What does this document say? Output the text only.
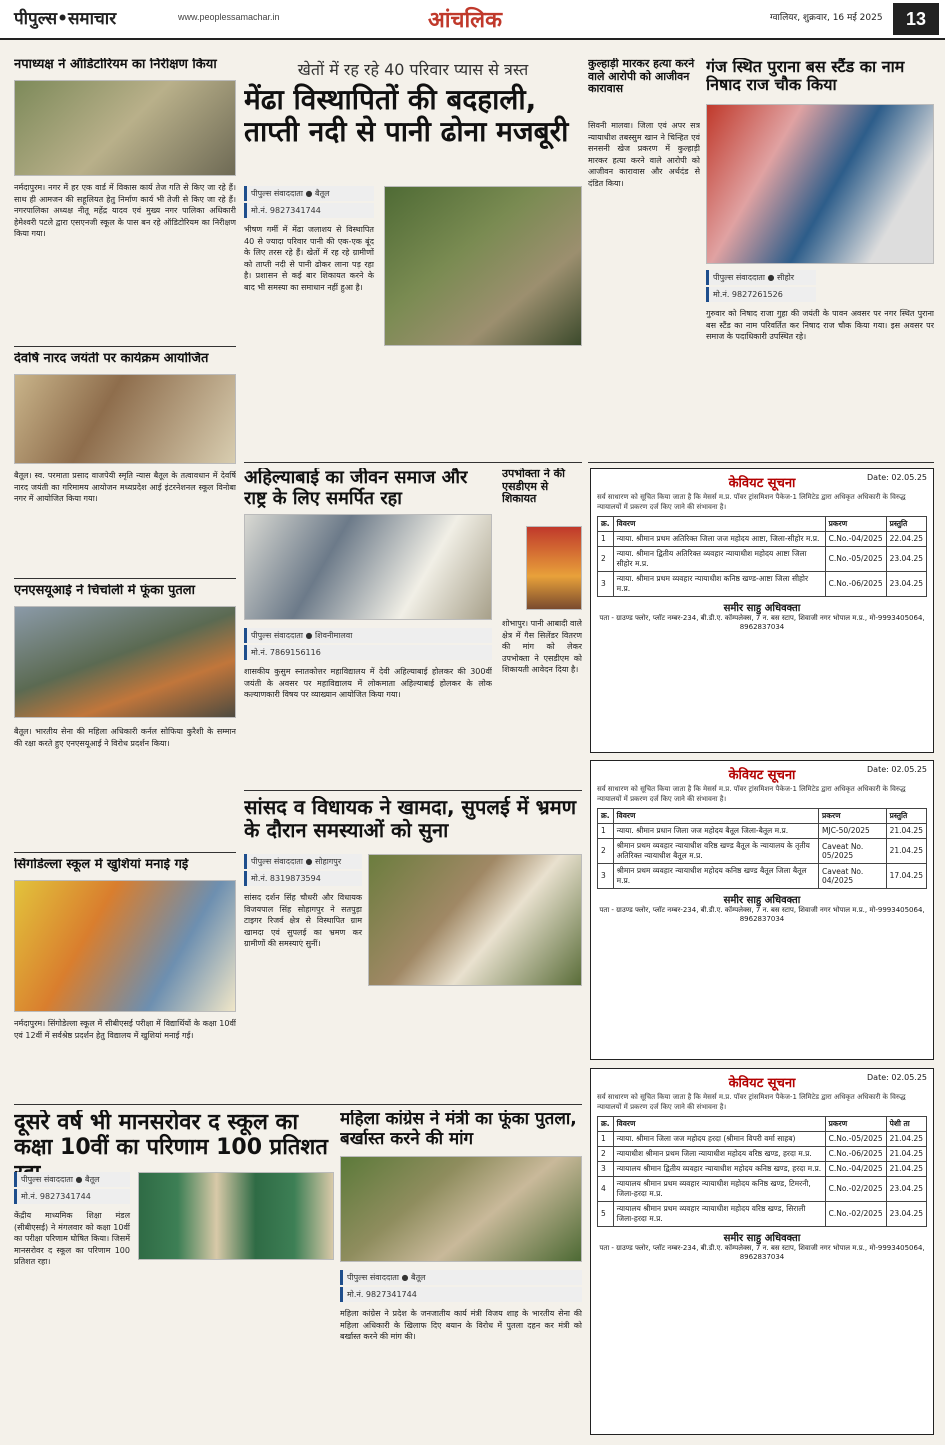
पीपुल्स•समाचार	www.peoplessamachar.in	आंचलिक	ग्वालियर, शुक्रवार, 16 मई 2025	13
नपाध्यक्ष ने ऑडिटोरियम का निरीक्षण किया
नर्मदापुरम। नगर में हर एक वार्ड में विकास कार्य तेज गति से किए जा रहे हैं। साथ ही आमजन की सहूलियत हेतु निर्माण कार्य भी तेजी से किए जा रहे हैं। नगरपालिका अध्यक्ष नीतू महेंद्र यादव एवं मुख्य नगर पालिका अधिकारी हेमेश्वरी पटले द्वारा एसएनजी स्कूल के पास बन रहे ऑडिटोरियम का निरीक्षण किया गया।
देवर्षि नारद जयंती पर कार्यक्रम आयोजित
बैतूल। स्व. परमाता प्रसाद वाजपेयी स्मृति न्यास बैतूल के तत्वावधान में देवर्षि नारद जयंती का गरिमामय आयोजन मध्यप्रदेश आई इंटरनेशनल स्कूल विनोबा नगर में आयोजित किया गया।
एनएसयूआई ने चिचोली में फूंका पुतला
बैतूल। भारतीय सेना की महिला अधिकारी कर्नल सोफिया कुरैशी के सम्मान की रक्षा करते हुए एनएसयूआई ने विरोध प्रदर्शन किया।
सिंगोडेल्ला स्कूल में खुशियां मनाई गई
नर्मदापुरम। सिंगोडेल्ला स्कूल में सीबीएसई परीक्षा में विद्यार्थियों के कक्षा 10वीं एवं 12वीं में सर्वश्रेष्ठ प्रदर्शन हेतु विद्यालय में खुशियां मनाई गई।
खेतों में रह रहे 40 परिवार प्यास से त्रस्त
मेंढा विस्थापितों की बदहाली, ताप्ती नदी से पानी ढोना मजबूरी
पीपुल्स संवाददाता ● बैतूल
मो.नं. 9827341744
भीषण गर्मी में मेंढा जलाशय से विस्थापित 40 से ज्यादा परिवार पानी की एक-एक बूंद के लिए तरस रहे हैं। खेतों में रह रहे ग्रामीणों को ताप्ती नदी से पानी ढोकर लाना पड़ रहा है। प्रशासन से कई बार शिकायत करने के बाद भी समस्या का समाधान नहीं हुआ है।
अहिल्याबाई का जीवन समाज और राष्ट्र के लिए समर्पित रहा
पीपुल्स संवाददाता ● शिवनीमालवा
मो.नं. 7869156116
शासकीय कुसुम स्नातकोत्तर महाविद्यालय में देवी अहिल्याबाई होलकर की 300वीं जयंती के अवसर पर महाविद्यालय में लोकमाता अहिल्याबाई होलकर के लोक कल्याणकारी विषय पर व्याख्यान आयोजित किया गया।
उपभोक्ता ने की एसडीएम से शिकायत
शोभापुर। पानी आबादी वाले क्षेत्र में गैस सिलेंडर वितरण की मांग को लेकर उपभोक्ता ने एसडीएम को शिकायती आवेदन दिया है।
सांसद व विधायक ने खामदा, सुपलई में भ्रमण के दौरान समस्याओं को सुना
पीपुल्स संवाददाता ● सोहागपुर
मो.नं. 8319873594
सांसद दर्शन सिंह चौधरी और विधायक विजयपाल सिंह सोहागपुर ने सतपुड़ा टाइगर रिजर्व क्षेत्र से विस्थापित ग्राम खामदा एवं सुपलई का भ्रमण कर ग्रामीणों की समस्याएं सुनीं।
दूसरे वर्ष भी मानसरोवर द स्कूल का कक्षा 10वीं का परिणाम 100 प्रतिशत
पीपुल्स संवाददाता ● बैतूल
मो.नं. 9827341744
केंद्रीय माध्यमिक शिक्षा मंडल (सीबीएसई) ने मंगलवार को कक्षा 10वीं का परीक्षा परिणाम घोषित किया। जिसमें मानसरोवर द स्कूल का परिणाम 100 प्रतिशत रहा।
महिला कांग्रेस ने मंत्री का फूंका पुतला, बर्खास्त करने की मांग
पीपुल्स संवाददाता ● बैतूल
मो.नं. 9827341744
महिला कांग्रेस ने प्रदेश के जनजातीय कार्य मंत्री विजय शाह के भारतीय सेना की महिला अधिकारी के खिलाफ दिए बयान के विरोध में पुतला दहन कर मंत्री को बर्खास्त करने की मांग की।
कुल्हाड़ी मारकर हत्या करने वाले आरोपी को आजीवन कारावास
सिवनी मालवा। जिला एवं अपर सत्र न्यायाधीश तबस्सुम खान ने चिन्हित एवं सनसनी खेज प्रकरण में कुल्हाड़ी मारकर हत्या करने वाले आरोपी को आजीवन कारावास और अर्थदंड से दंडित किया।
गंज स्थित पुराना बस स्टैंड का नाम निषाद राज चौक किया
पीपुल्स संवाददाता ● सीहोर
मो.नं. 9827261526
गुरुवार को निषाद राजा गुहा की जयंती के पावन अवसर पर नगर स्थित पुराना बस स्टैंड का नाम परिवर्तित कर निषाद राज चौक किया गया। इस अवसर पर समाज के पदाधिकारी उपस्थित रहे।
Date: 02.05.25
केवियट सूचना
सर्व साधारण को सूचित किया जाता है कि मेसर्स म.प्र. पॉवर ट्रांसमिशन पैकेज-1 लिमिटेड द्वारा अधिकृत अधिकारी के विरुद्ध न्यायालयों में प्रकरण दर्ज किए जाने की संभावना है।
क्र.	विवरण	प्रकरण	प्रस्तुति
1	न्याया. श्रीमान प्रथम अतिरिक्त जिला जज महोदय आष्टा, जिला-सीहोर म.प्र.	C.No.-04/2025	22.04.25
2	न्याया. श्रीमान द्वितीय अतिरिक्त व्यवहार न्यायाधीश महोदय आष्टा जिला सीहोर म.प्र.	C.No.-05/2025	23.04.25
3	न्याया. श्रीमान प्रथम व्यवहार न्यायाधीश कनिष्ठ खण्ड-आष्टा जिला सीहोर म.प्र.	C.No.-06/2025	23.04.25
समीर साहु अधिवक्ता
पता - ग्राउण्ड फ्लोर, प्लॉट नम्बर-234, बी.डी.ए. कॉम्पलेक्स, 7 न. बस स्टाप, शिवाजी नगर भोपाल म.प्र., मो-9993405064, 8962837034
Date: 02.05.25
केवियट सूचना
सर्व साधारण को सूचित किया जाता है कि मेसर्स म.प्र. पॉवर ट्रांसमिशन पैकेज-1 लिमिटेड द्वारा अधिकृत अधिकारी के विरुद्ध न्यायालयों में प्रकरण दर्ज किए जाने की संभावना है।
क्र.	विवरण	प्रकरण	प्रस्तुति
1	न्याया. श्रीमान प्रधान जिला जज महोदय बैतूल जिला-बैतूल म.प्र.	MJC-50/2025	21.04.25
2	श्रीमान प्रथम व्यवहार न्यायाधीश वरिष्ठ खण्ड बैतूल के न्यायालय के तृतीय अतिरिक्त न्यायाधीश बैतूल म.प्र.	Caveat No. 05/2025	21.04.25
3	श्रीमान प्रथम व्यवहार न्यायाधीश महोदय कनिष्ठ खण्ड बैतूल जिला बैतूल म.प्र.	Caveat No. 04/2025	17.04.25
समीर साहु अधिवक्ता
पता - ग्राउण्ड फ्लोर, प्लॉट नम्बर-234, बी.डी.ए. कॉम्पलेक्स, 7 न. बस स्टाप, शिवाजी नगर भोपाल म.प्र., मो-9993405064, 8962837034
Date: 02.05.25
केवियट सूचना
सर्व साधारण को सूचित किया जाता है कि मेसर्स म.प्र. पॉवर ट्रांसमिशन पैकेज-1 लिमिटेड द्वारा अधिकृत अधिकारी के विरुद्ध न्यायालयों में प्रकरण दर्ज किए जाने की संभावना है।
क्र.	विवरण	प्रकरण	पेशी ता
1	न्याया. श्रीमान जिला जज महोदय हरदा (श्रीमान विपरी वर्मा साहब)	C.No.-05/2025	21.04.25
2	न्यायाधीश श्रीमान प्रथम जिला न्यायाधीश महोदय वरिष्ठ खण्ड, हरदा म.प्र.	C.No.-06/2025	21.04.25
3	न्यायालय श्रीमान द्वितीय व्यवहार न्यायाधीश महोदय कनिष्ठ खण्ड, हरदा म.प्र.	C.No.-04/2025	21.04.25
4	न्यायालय श्रीमान प्रथम व्यवहार न्यायाधीश महोदय कनिष्ठ खण्ड, टिमरनी, जिला-हरदा म.प्र.	C.No.-02/2025	23.04.25
5	न्यायालय श्रीमान प्रथम व्यवहार न्यायाधीश महोदय वरिष्ठ खण्ड, सिराली जिला-हरदा म.प्र.	C.No.-02/2025	23.04.25
समीर साहु अधिवक्ता
पता - ग्राउण्ड फ्लोर, प्लॉट नम्बर-234, बी.डी.ए. कॉम्पलेक्स, 7 न. बस स्टाप, शिवाजी नगर भोपाल म.प्र., मो-9993405064, 8962837034
